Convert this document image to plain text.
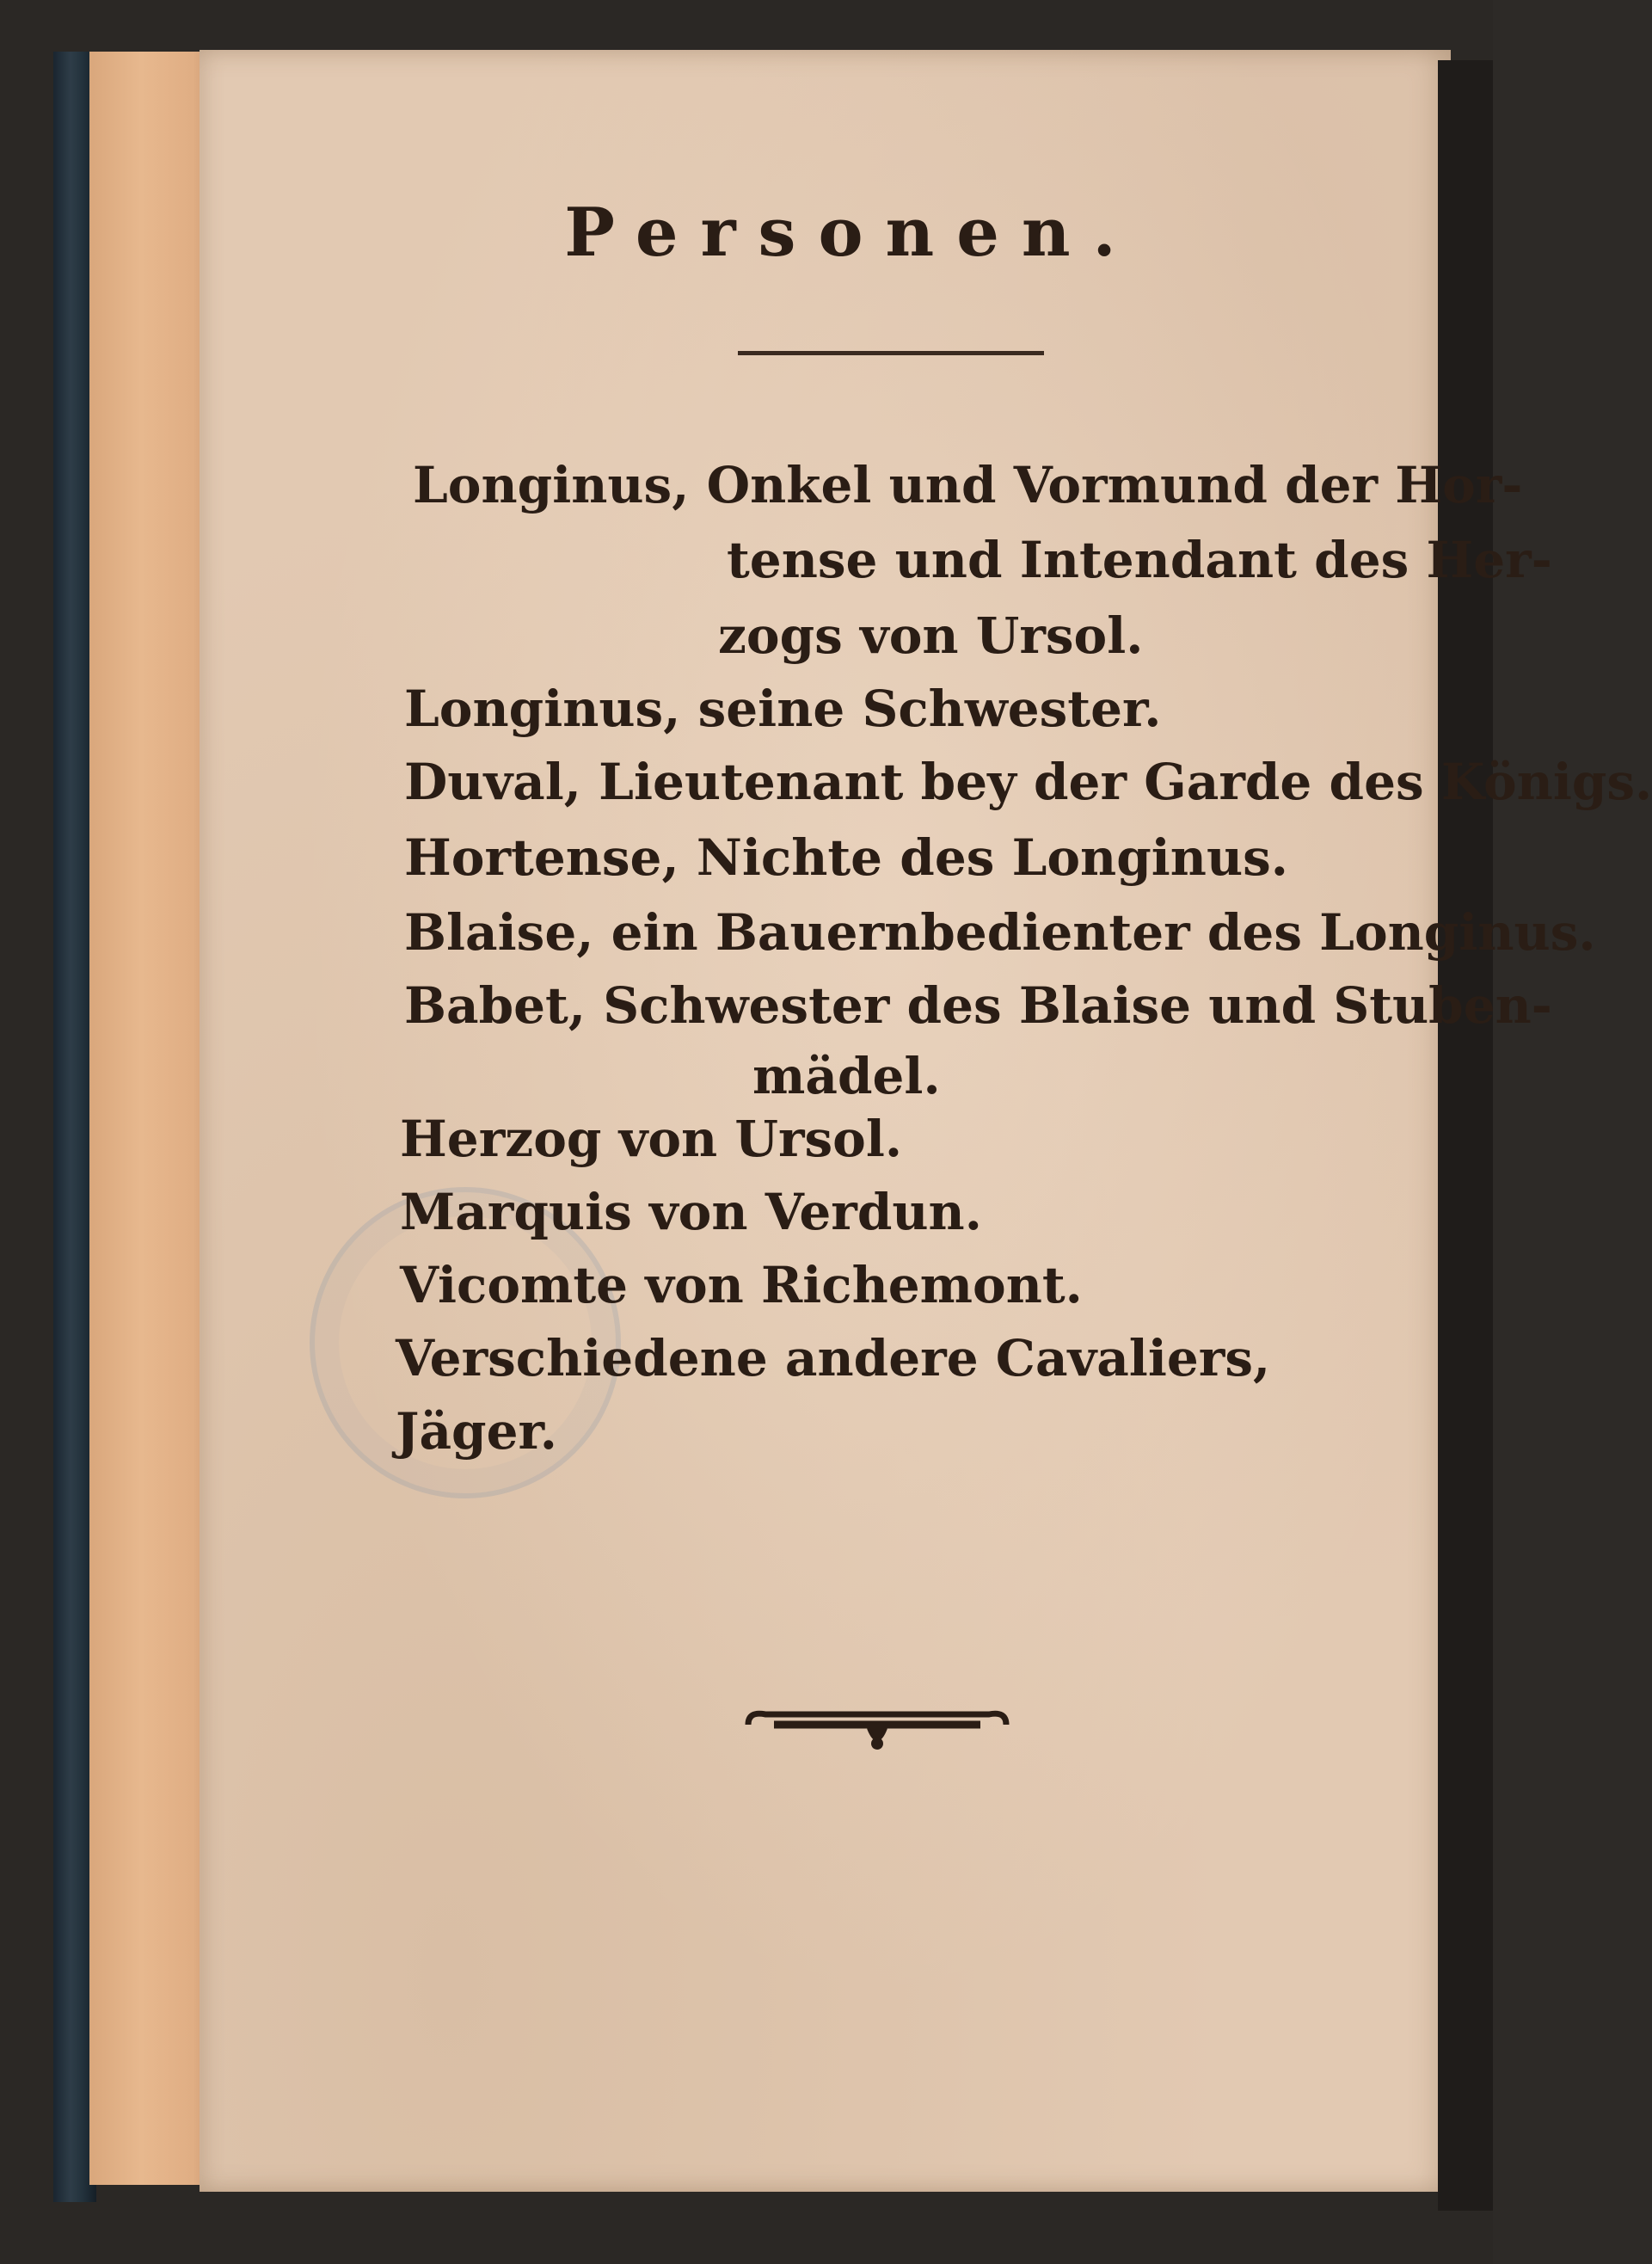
Personen.
Longinus, Onkel und Vormund der Hor-
tense und Intendant des Her-
zogs von Ursol.
Longinus, seine Schwester.
Duval, Lieutenant bey der Garde des Königs.
Hortense, Nichte des Longinus.
Blaise, ein Bauernbedienter des Longinus.
Babet, Schwester des Blaise und Stuben-
mädel.
Herzog von Ursol.
Marquis von Verdun.
Vicomte von Richemont.
Verschiedene andere Cavaliers,
Jäger.
